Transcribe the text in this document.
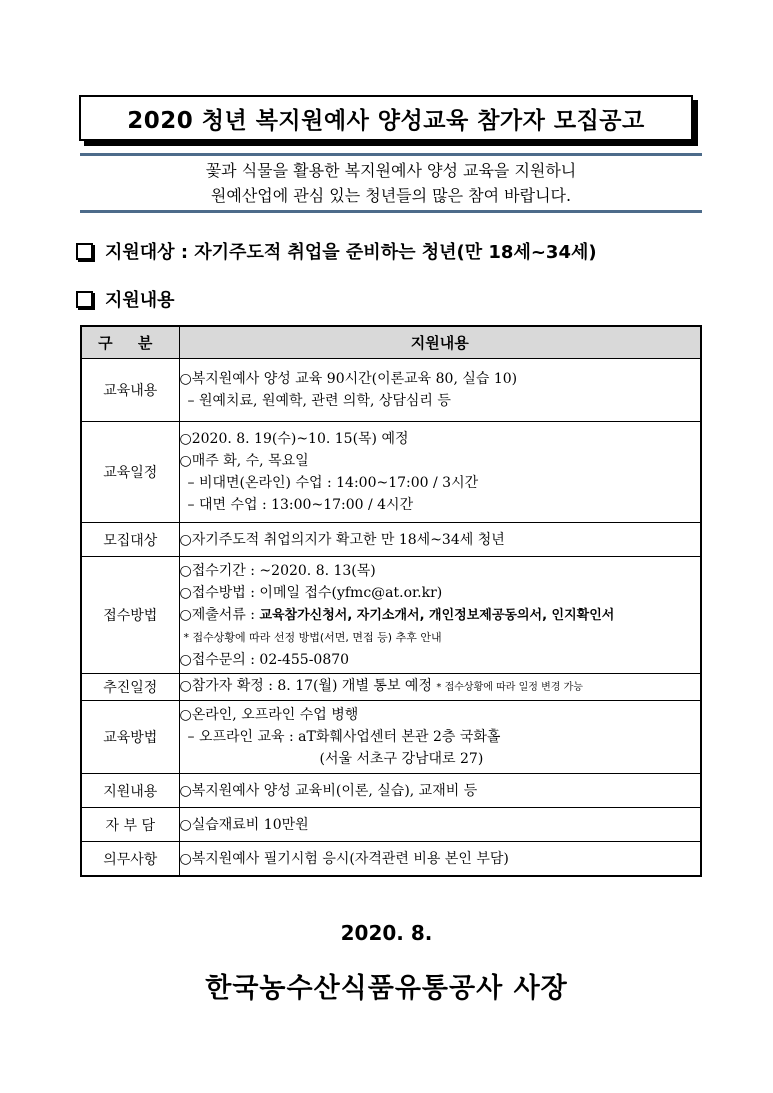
2020 청년 복지원예사 양성교육 참가자 모집공고
꽃과 식물을 활용한 복지원예사 양성 교육을 지원하니
원예산업에 관심 있는 청년들의 많은 참여 바랍니다.
지원대상 : 자기주도적 취업을 준비하는 청년(만 18세~34세)
지원내용
구 분	지원내용
교육내용	○복지원예사 양성 교육 90시간(이론교육 80, 실습 10)
– 원예치료, 원예학, 관련 의학, 상담심리 등

교육일정	○2020. 8. 19(수)~10. 15(목) 예정
○매주 화, 수, 목요일
– 비대면(온라인) 수업 : 14:00~17:00 / 3시간
– 대면 수업 : 13:00~17:00 / 4시간

모집대상	○자기주도적 취업의지가 확고한 만 18세~34세 청년

접수방법	○접수기간 : ~2020. 8. 13(목)
○접수방법 : 이메일 접수(yfmc@at.or.kr)
○제출서류 : 교육참가신청서, 자기소개서, 개인정보제공동의서, 인지확인서
* 접수상황에 따라 선정 방법(서면, 면접 등) 추후 안내
○접수문의 : 02-455-0870

추진일정	○참가자 확정 : 8. 17(월) 개별 통보 예정 * 접수상황에 따라 일정 변경 가능

교육방법	○온라인, 오프라인 수업 병행
– 오프라인 교육 : aT화훼사업센터 본관 2층 국화홀
(서울 서초구 강남대로 27)

지원내용	○복지원예사 양성 교육비(이론, 실습), 교재비 등

자 부 담	○실습재료비 10만원

의무사항	○복지원예사 필기시험 응시(자격관련 비용 본인 부담)
2020. 8.
한국농수산식품유통공사 사장
